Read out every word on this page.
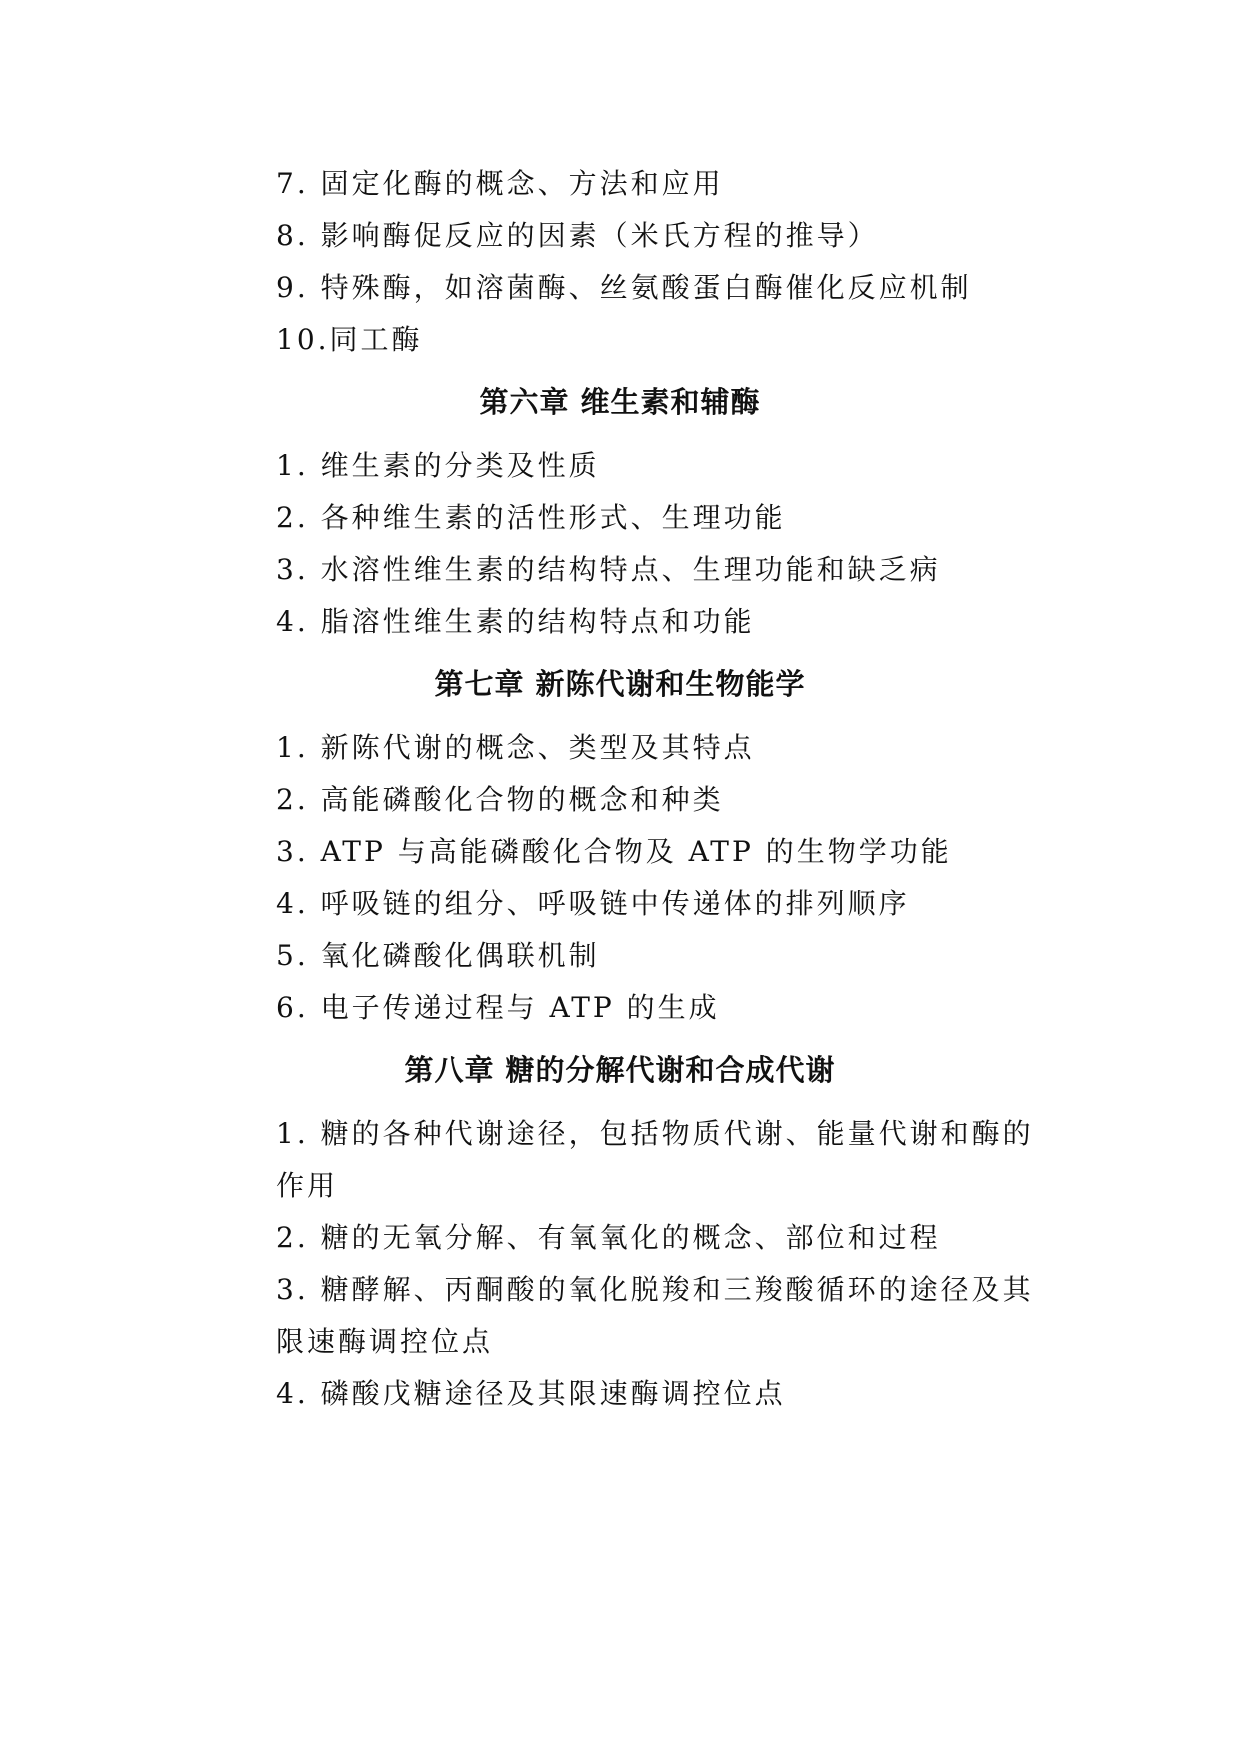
7. 固定化酶的概念、方法和应用
8. 影响酶促反应的因素（米氏方程的推导）
9. 特殊酶，如溶菌酶、丝氨酸蛋白酶催化反应机制
10.同工酶
第六章 维生素和辅酶
1. 维生素的分类及性质
2. 各种维生素的活性形式、生理功能
3. 水溶性维生素的结构特点、生理功能和缺乏病
4. 脂溶性维生素的结构特点和功能
第七章 新陈代谢和生物能学
1. 新陈代谢的概念、类型及其特点
2. 高能磷酸化合物的概念和种类
3. ATP 与高能磷酸化合物及 ATP 的生物学功能
4. 呼吸链的组分、呼吸链中传递体的排列顺序
5. 氧化磷酸化偶联机制
6. 电子传递过程与 ATP 的生成
第八章 糖的分解代谢和合成代谢
1. 糖的各种代谢途径，包括物质代谢、能量代谢和酶的
作用
2. 糖的无氧分解、有氧氧化的概念、部位和过程
3. 糖酵解、丙酮酸的氧化脱羧和三羧酸循环的途径及其
限速酶调控位点
4. 磷酸戊糖途径及其限速酶调控位点
